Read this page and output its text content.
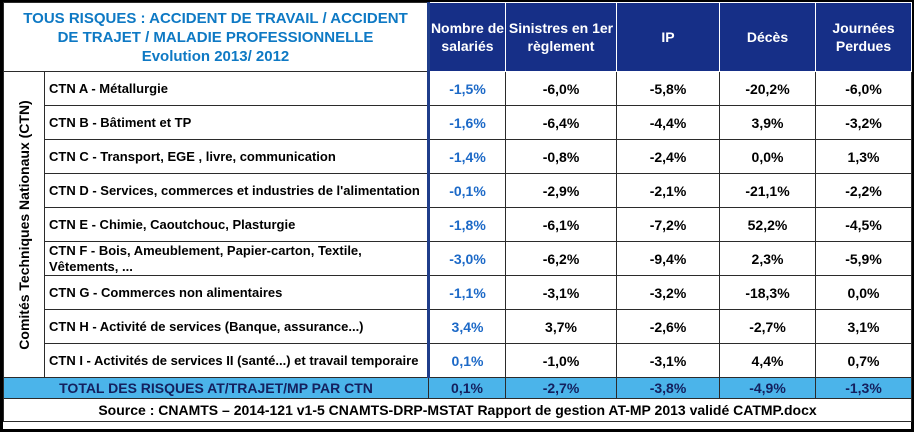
TOUS RISQUES : ACCIDENT DE TRAVAIL / ACCIDENT
DE TRAJET / MALADIE PROFESSIONNELLE
Evolution 2013/ 2012		Nombre de salariés	Sinistres en 1er règlement	IP	Décès	Journées Perdues

Comités Techniques Nationaux (CTN)	CTN A - Métallurgie	-1,5%	-6,0%	-5,8%	-20,2%	-6,0%
	CTN B - Bâtiment et TP	-1,6%	-6,4%	-4,4%	3,9%	-3,2%
	CTN C - Transport, EGE , livre, communication	-1,4%	-0,8%	-2,4%	0,0%	1,3%
	CTN D - Services, commerces et industries de l'alimentation	-0,1%	-2,9%	-2,1%	-21,1%	-2,2%
	CTN E - Chimie, Caoutchouc, Plasturgie	-1,8%	-6,1%	-7,2%	52,2%	-4,5%
	CTN F - Bois, Ameublement, Papier-carton, Textile, Vêtements, ...	-3,0%	-6,2%	-9,4%	2,3%	-5,9%
	CTN G - Commerces non alimentaires	-1,1%	-3,1%	-3,2%	-18,3%	0,0%
	CTN H - Activité de services (Banque, assurance...)	3,4%	3,7%	-2,6%	-2,7%	3,1%
	CTN I - Activités de services II (santé...) et travail temporaire	0,1%	-1,0%	-3,1%	4,4%	0,7%
TOTAL DES RISQUES AT/TRAJET/MP PAR CTN		0,1%	-2,7%	-3,8%	-4,9%	-1,3%
Source : CNAMTS – 2014-121 v1-5 CNAMTS-DRP-MSTAT Rapport de gestion AT-MP 2013 validé CATMP.docx						
